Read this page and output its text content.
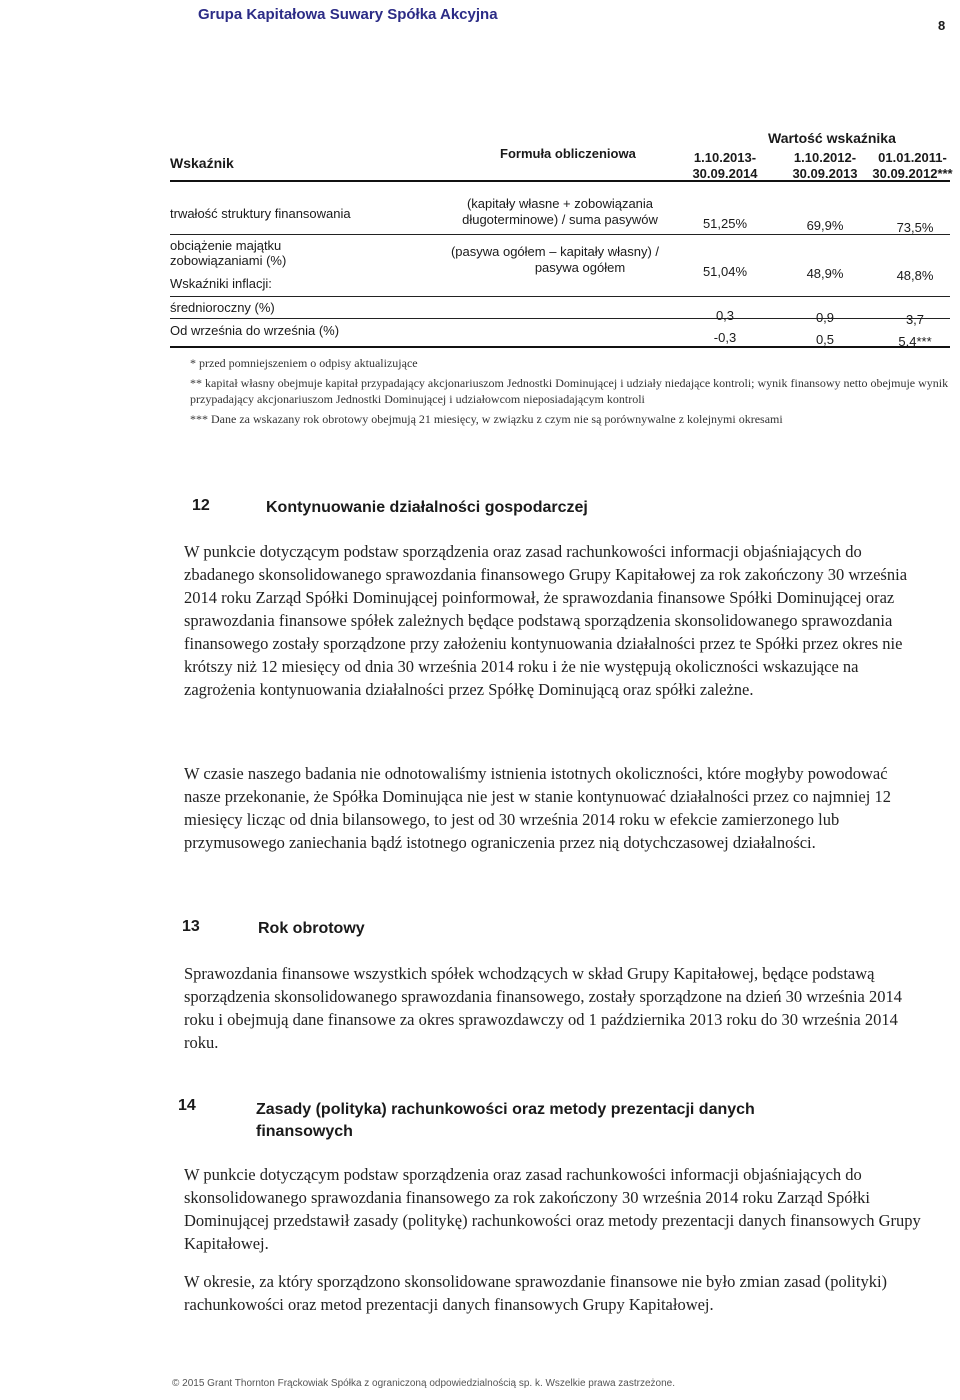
Grupa Kapitałowa Suwary Spółka Akcyjna
8
Wartość wskaźnika
Wskaźnik
Formuła obliczeniowa	1.10.2013-
30.09.2014
1.10.2012-
30.09.2013
01.01.2011-
30.09.2012***
trwałość struktury finansowania
(kapitały własne + zobowiązania
długoterminowe) / suma pasywów	51,25%	69,9%	73,5%
obciążenie majątku
zobowiązaniami (%)
(pasywa ogółem – kapitały własny) /
pasywa ogółem	51,04%	48,9%	48,8%
Wskaźniki inflacji:
średnioroczny (%)
0,3	0,9	3,7
Od września do września (%)	-0,3	0,5	5,4***

* przed pomniejszeniem o odpisy aktualizujące

** kapitał własny obejmuje kapitał przypadający akcjonariuszom Jednostki Dominującej i udziały niedające kontroli; wynik finansowy netto obejmuje wynik przypadający akcjonariuszom Jednostki Dominującej i udziałowcom nieposiadającym kontroli

*** Dane za wskazany rok obrotowy obejmują 21 miesięcy, w związku z czym nie są porównywalne z kolejnymi okresami

12	Kontynuowanie działalności gospodarczej

W punkcie dotyczącym podstaw sporządzenia oraz zasad rachunkowości informacji objaśniających do zbadanego skonsolidowanego sprawozdania finansowego Grupy Kapitałowej za rok zakończony 30 września 2014 roku Zarząd Spółki Dominującej poinformował, że sprawozdania finansowe Spółki Dominującej oraz sprawozdania finansowe spółek zależnych będące podstawą sporządzenia skonsolidowanego sprawozdania finansowego zostały sporządzone przy założeniu kontynuowania działalności przez te Spółki przez okres nie krótszy niż 12 miesięcy od dnia 30 września 2014 roku i że nie występują okoliczności wskazujące na zagrożenia kontynuowania działalności przez Spółkę Dominującą oraz spółki zależne.

W czasie naszego badania nie odnotowaliśmy istnienia istotnych okoliczności, które mogłyby powodować nasze przekonanie, że Spółka Dominująca nie jest w stanie kontynuować działalności przez co najmniej 12 miesięcy licząc od dnia bilansowego, to jest od 30 września 2014 roku w efekcie zamierzonego lub przymusowego zaniechania bądź istotnego ograniczenia przez nią dotychczasowej działalności.

13	Rok obrotowy

Sprawozdania finansowe wszystkich spółek wchodzących w skład Grupy Kapitałowej, będące podstawą sporządzenia skonsolidowanego sprawozdania finansowego, zostały sporządzone na dzień 30 września 2014 roku i obejmują dane finansowe za okres sprawozdawczy od 1 października 2013 roku do 30 września 2014 roku.

14	Zasady (polityka) rachunkowości oraz metody prezentacji danych
finansowych

W punkcie dotyczącym podstaw sporządzenia oraz zasad rachunkowości informacji objaśniających do skonsolidowanego sprawozdania finansowego za rok zakończony 30 września 2014 roku Zarząd Spółki Dominującej przedstawił zasady (politykę) rachunkowości oraz metody prezentacji danych finansowych Grupy Kapitałowej.

W okresie, za który sporządzono skonsolidowane sprawozdanie finansowe nie było zmian zasad (polityki) rachunkowości oraz metod prezentacji danych finansowych Grupy Kapitałowej.

© 2015 Grant Thornton Frąckowiak Spółka z ograniczoną odpowiedzialnością sp. k. Wszelkie prawa zastrzeżone.
